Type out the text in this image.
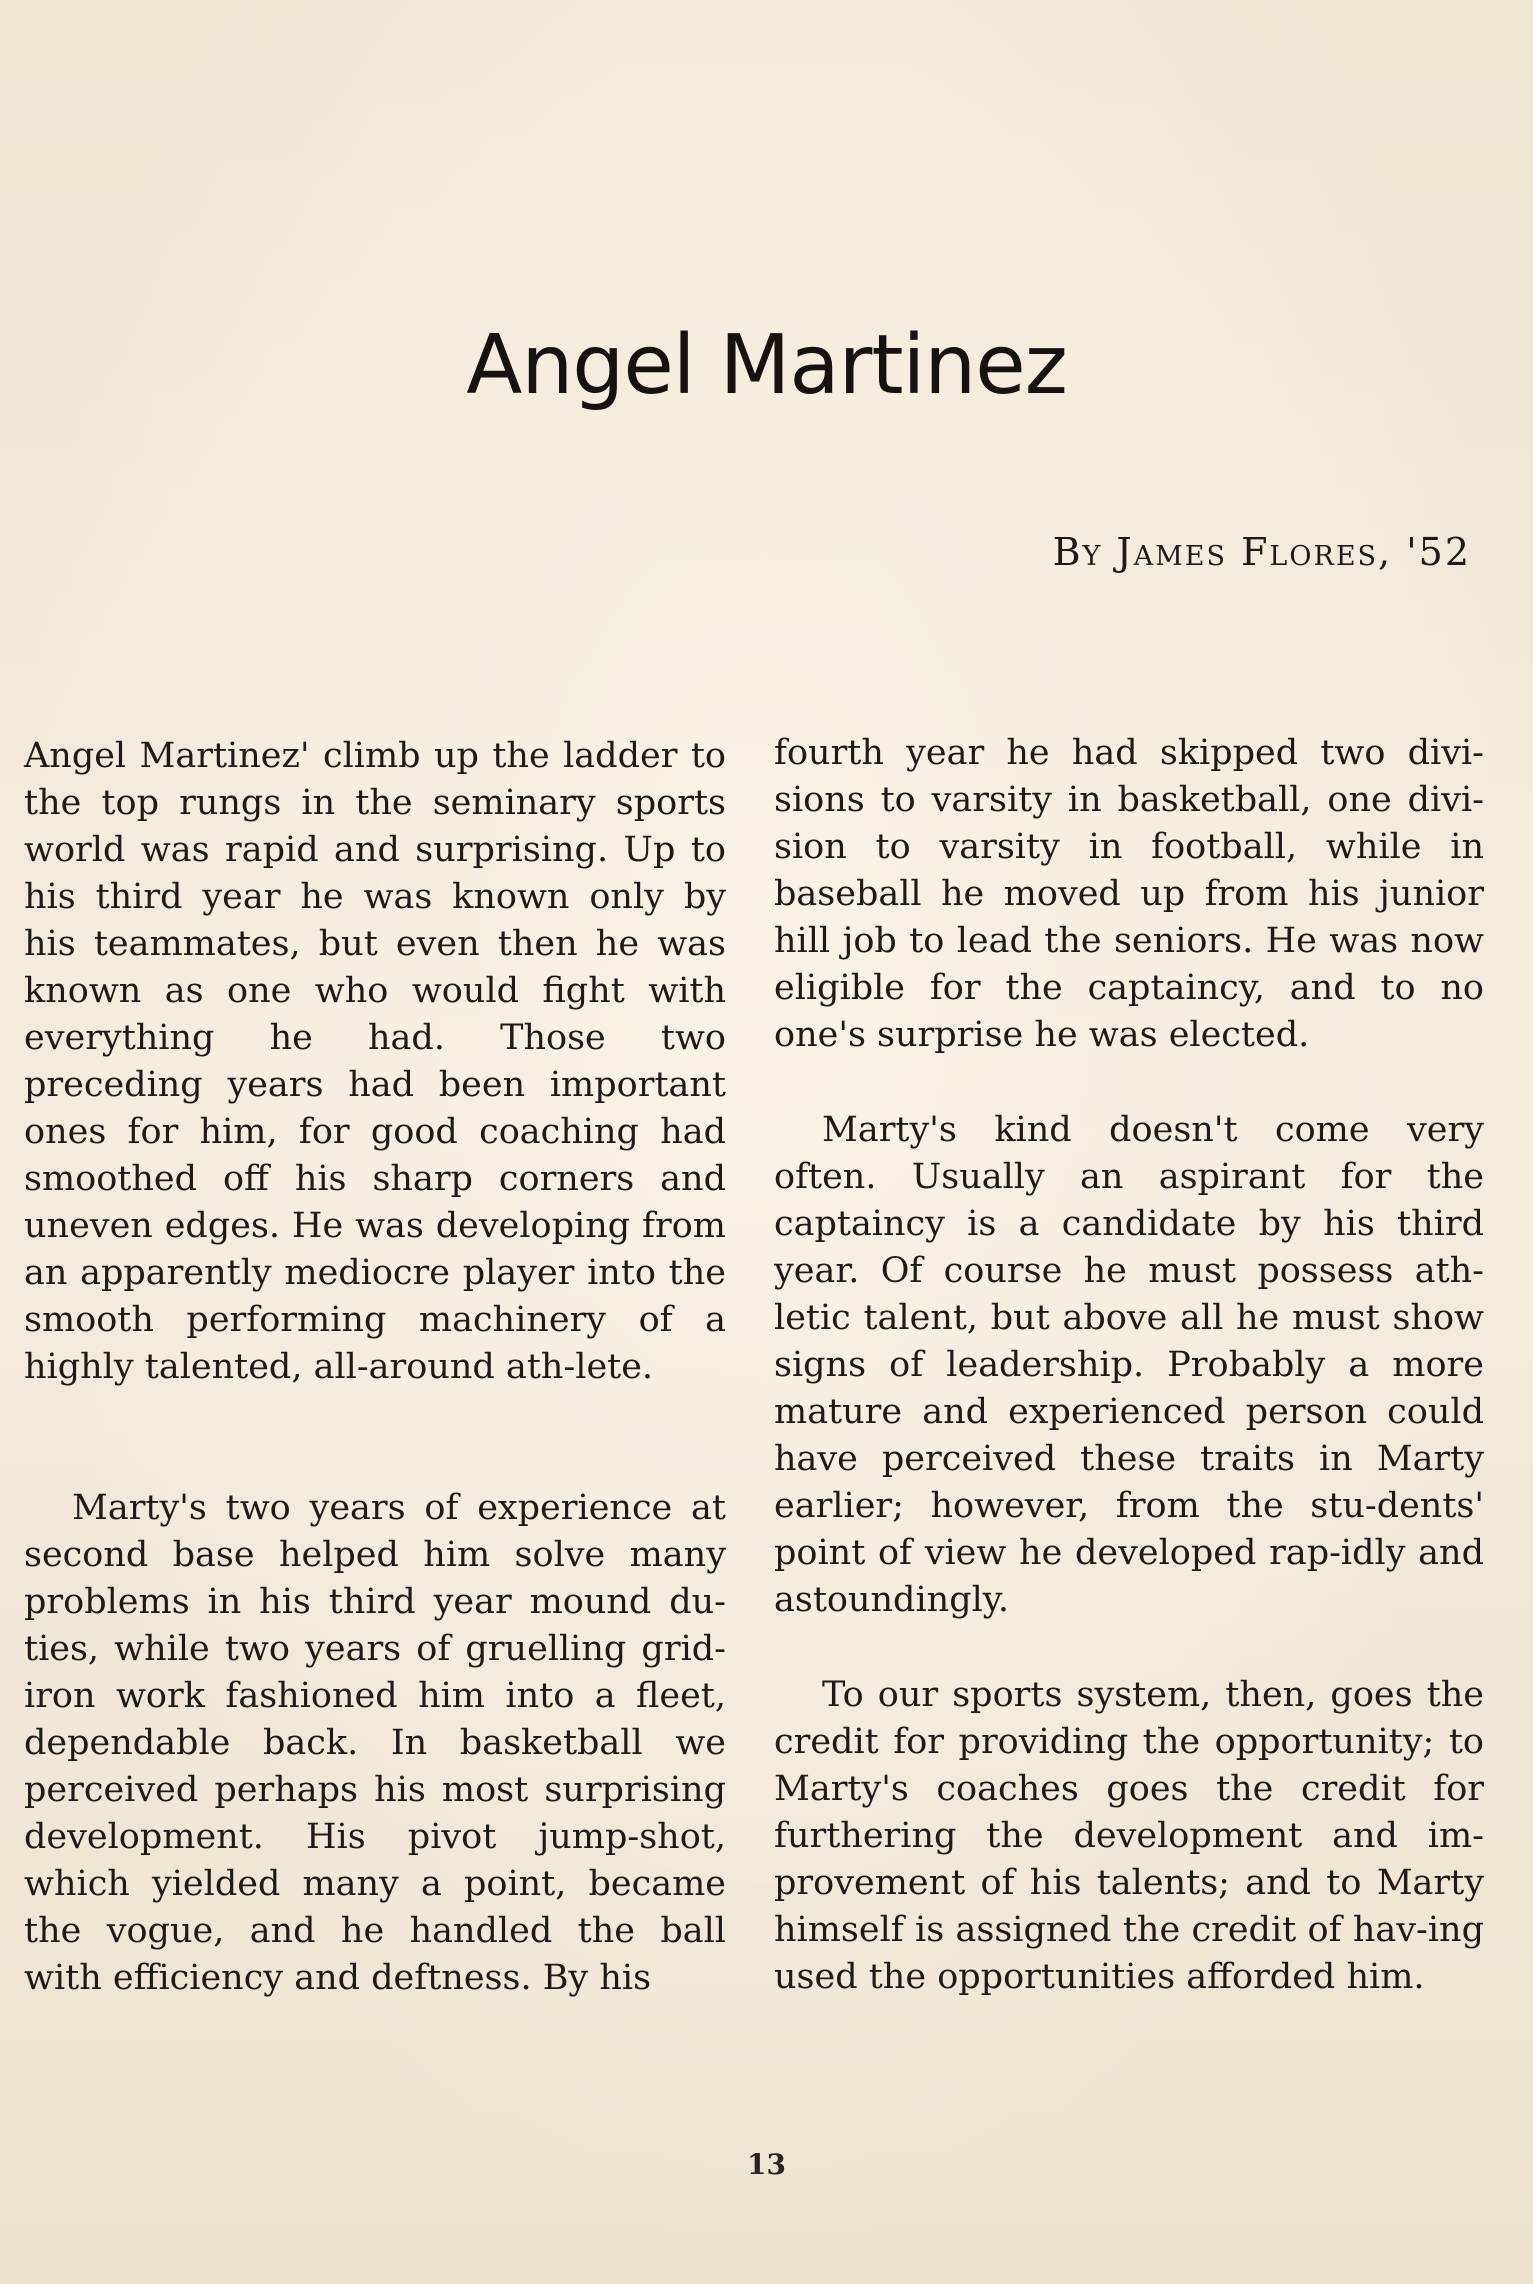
Angel Martinez
By James Flores, '52

Angel Martinez' climb up the ladder to the top rungs in the seminary sports world was rapid and surprising. Up to his third year he was known only by his teammates, but even then he was known as one who would fight with everything he had. Those two preceding years had been important ones for him, for good coaching had smoothed off his sharp corners and uneven edges. He was developing from an apparently mediocre player into the smooth performing machinery of a highly talented, all-around ath-lete.

Marty's two years of experience at second base helped him solve many problems in his third year mound du-ties, while two years of gruelling grid-iron work fashioned him into a fleet, dependable back. In basketball we perceived perhaps his most surprising development. His pivot jump-shot, which yielded many a point, became the vogue, and he handled the ball with efficiency and deftness. By his

fourth year he had skipped two divi-sions to varsity in basketball, one divi-sion to varsity in football, while in baseball he moved up from his junior hill job to lead the seniors. He was now eligible for the captaincy, and to no one's surprise he was elected.

Marty's kind doesn't come very often. Usually an aspirant for the captaincy is a candidate by his third year. Of course he must possess ath-letic talent, but above all he must show signs of leadership. Probably a more mature and experienced person could have perceived these traits in Marty earlier; however, from the stu-dents' point of view he developed rap-idly and astoundingly.

To our sports system, then, goes the credit for providing the opportunity; to Marty's coaches goes the credit for furthering the development and im-provement of his talents; and to Marty himself is assigned the credit of hav-ing used the opportunities afforded him.

13
